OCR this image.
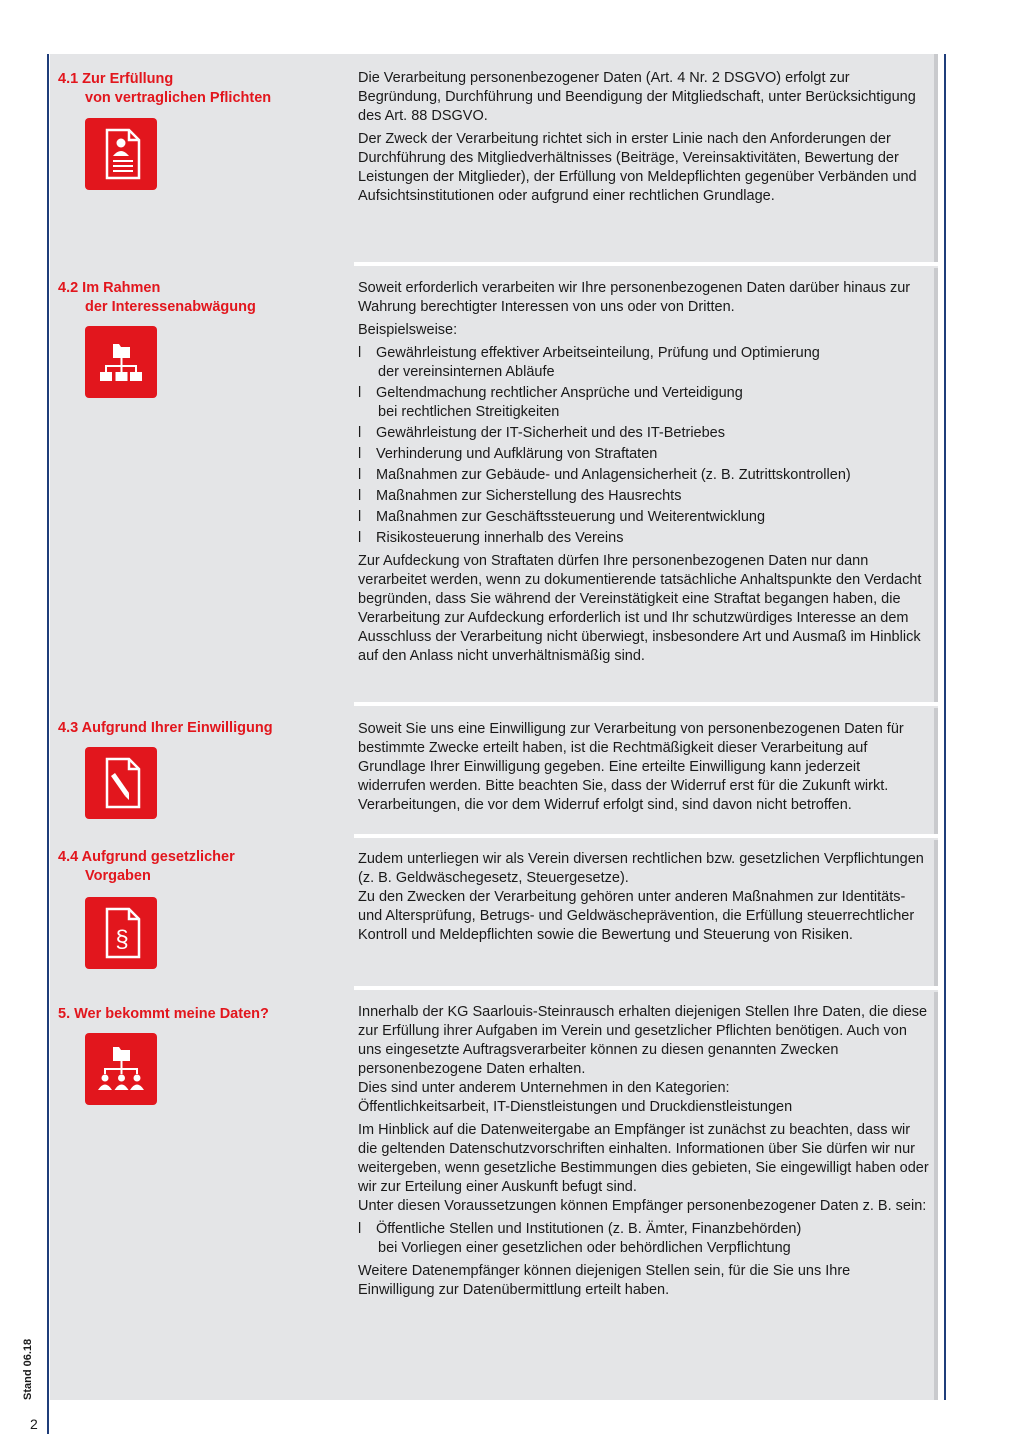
4.1 Zur Erfüllung
von vertraglichen Pflichten

Die Verarbeitung personenbezogener Daten (Art. 4 Nr. 2 DSGVO) erfolgt zur Begründung, Durchführung und Beendigung der Mitgliedschaft, unter Berücksichtigung des Art. 88 DSGVO.

Der Zweck der Verarbeitung richtet sich in erster Linie nach den Anforderungen der Durchführung des Mitgliedverhältnisses (Beiträge, Vereinsaktivitäten, Bewertung der Leistungen der Mitglieder), der Erfüllung von Meldepflichten gegenüber Verbänden und Aufsichtsinstitutionen oder aufgrund einer rechtlichen Grundlage.

4.2 Im Rahmen
der Interessenabwägung

Soweit erforderlich verarbeiten wir Ihre personenbezogenen Daten darüber hinaus zur Wahrung berechtigter Interessen von uns oder von Dritten.

Beispielsweise:

l Gewährleistung effektiver Arbeitseinteilung, Prüfung und Optimierung
der vereinsinternen Abläufe
l Geltendmachung rechtlicher Ansprüche und Verteidigung
bei rechtlichen Streitigkeiten
l Gewährleistung der IT-Sicherheit und des IT-Betriebes
l Verhinderung und Aufklärung von Straftaten
l Maßnahmen zur Gebäude- und Anlagensicherheit (z. B. Zutrittskontrollen)
l Maßnahmen zur Sicherstellung des Hausrechts
l Maßnahmen zur Geschäftssteuerung und Weiterentwicklung
l Risikosteuerung innerhalb des Vereins

Zur Aufdeckung von Straftaten dürfen Ihre personenbezogenen Daten nur dann verarbeitet werden, wenn zu dokumentierende tatsächliche Anhaltspunkte den Verdacht begründen, dass Sie während der Vereinstätigkeit eine Straftat begangen haben, die Verarbeitung zur Aufdeckung erforderlich ist und Ihr schutzwürdiges Interesse an dem Ausschluss der Verarbeitung nicht überwiegt, insbesondere Art und Ausmaß im Hinblick auf den Anlass nicht unverhältnismäßig sind.

4.3 Aufgrund Ihrer Einwilligung	Soweit Sie uns eine Einwilligung zur Verarbeitung von personenbezogenen Daten für bestimmte Zwecke erteilt haben, ist die Rechtmäßigkeit dieser Verarbeitung auf Grundlage Ihrer Einwilligung gegeben. Eine erteilte Einwilligung kann jederzeit widerrufen werden. Bitte beachten Sie, dass der Widerruf erst für die Zukunft wirkt. Verarbeitungen, die vor dem Widerruf erfolgt sind, sind davon nicht betroffen.

4.4 Aufgrund gesetzlicher
Vorgaben
§

Zudem unterliegen wir als Verein diversen rechtlichen bzw. gesetzlichen Verpflichtungen (z. B. Geldwäschegesetz, Steuergesetze).

Zu den Zwecken der Verarbeitung gehören unter anderen Maßnahmen zur Identitäts- und Altersprüfung, Betrugs- und Geldwäscheprävention, die Erfüllung steuerrechtlicher Kontroll und Meldepflichten sowie die Bewertung und Steuerung von Risiken.

5. Wer bekommt meine Daten?	Innerhalb der KG Saarlouis-Steinrausch erhalten diejenigen Stellen Ihre Daten, die diese zur Erfüllung ihrer Aufgaben im Verein und gesetzlicher Pflichten benötigen. Auch von uns eingesetzte Auftragsverarbeiter können zu diesen genannten Zwecken personenbezogene Daten erhalten.

Dies sind unter anderem Unternehmen in den Kategorien:

Öffentlichkeitsarbeit, IT-Dienstleistungen und Druckdienstleistungen

Im Hinblick auf die Datenweitergabe an Empfänger ist zunächst zu beachten, dass wir die geltenden Datenschutzvorschriften einhalten. Informationen über Sie dürfen wir nur weitergeben, wenn gesetzliche Bestimmungen dies gebieten, Sie eingewilligt haben oder wir zur Erteilung einer Auskunft befugt sind.

Unter diesen Voraussetzungen können Empfänger personenbezogener Daten z. B. sein:

l Öffentliche Stellen und Institutionen (z. B. Ämter, Finanzbehörden)
bei Vorliegen einer gesetzlichen oder behördlichen Verpflichtung

Weitere Datenempfänger können diejenigen Stellen sein, für die Sie uns Ihre Einwilligung zur Datenübermittlung erteilt haben.

Stand 06.18
2
